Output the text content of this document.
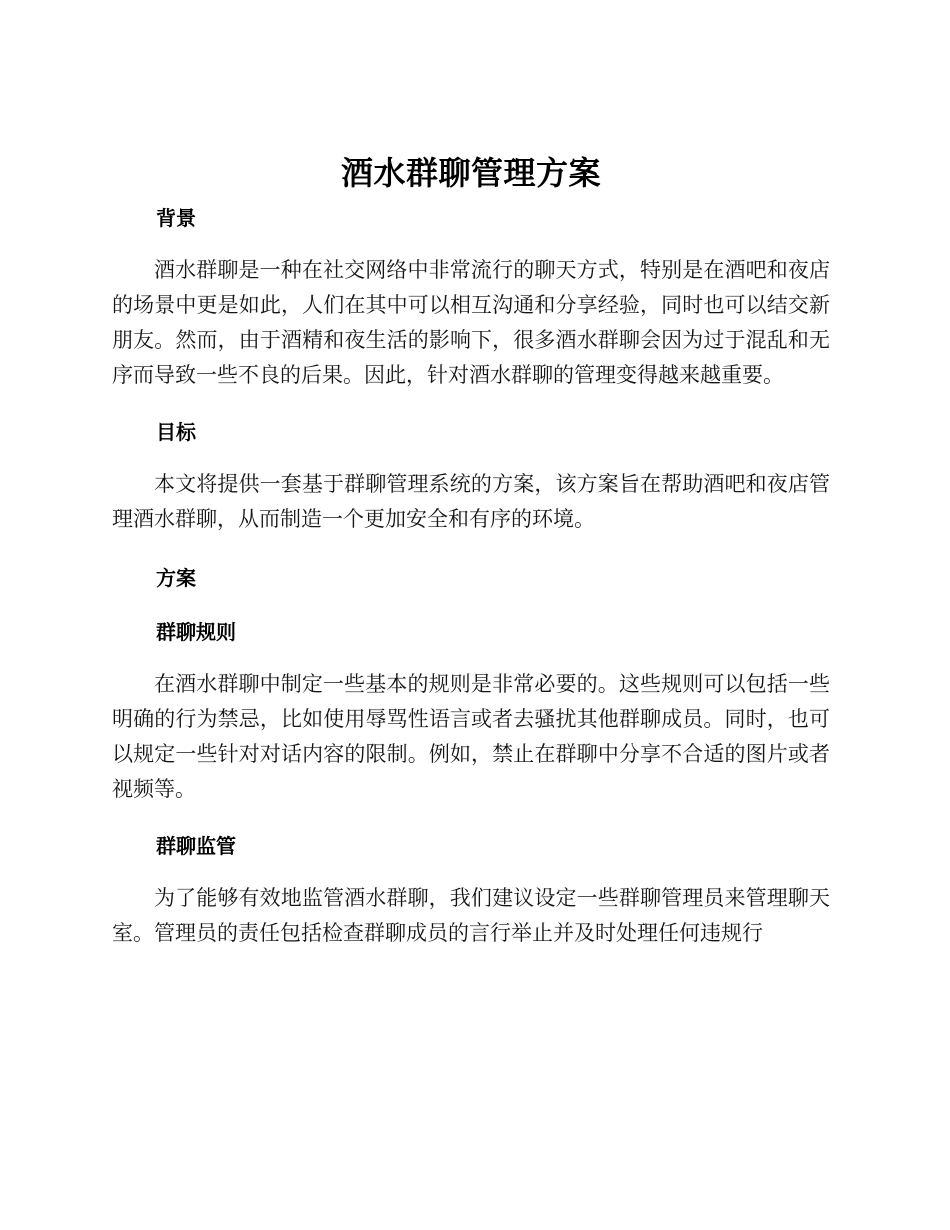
酒水群聊管理方案
背景

酒水群聊是一种在社交网络中非常流行的聊天方式，特别是在酒吧和夜店的场景中更是如此，人们在其中可以相互沟通和分享经验，同时也可以结交新朋友。然而，由于酒精和夜生活的影响下，很多酒水群聊会因为过于混乱和无序而导致一些不良的后果。因此，针对酒水群聊的管理变得越来越重要。

目标

本文将提供一套基于群聊管理系统的方案，该方案旨在帮助酒吧和夜店管理酒水群聊，从而制造一个更加安全和有序的环境。

方案
群聊规则

在酒水群聊中制定一些基本的规则是非常必要的。这些规则可以包括一些明确的行为禁忌，比如使用辱骂性语言或者去骚扰其他群聊成员。同时，也可以规定一些针对对话内容的限制。例如，禁止在群聊中分享不合适的图片或者视频等。

群聊监管

为了能够有效地监管酒水群聊，我们建议设定一些群聊管理员来管理聊天室。管理员的责任包括检查群聊成员的言行举止并及时处理任何违规行
